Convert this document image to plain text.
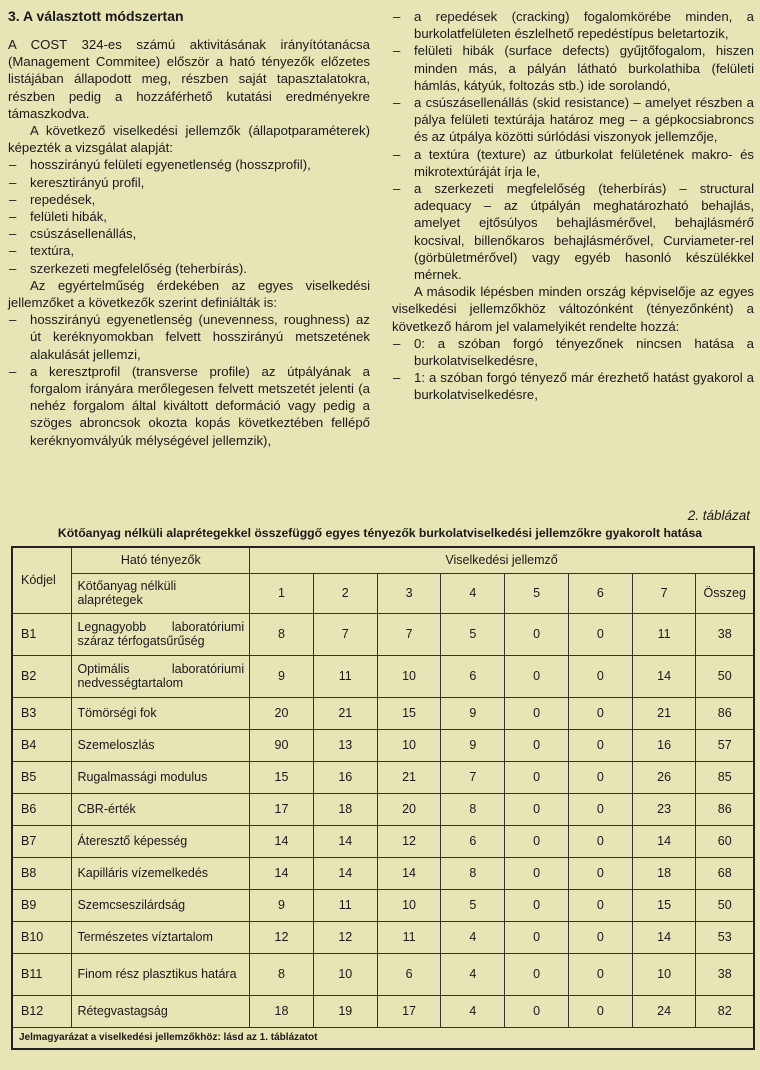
3. A választott módszertan

A COST 324-es számú aktivitásának irányítótanácsa (Management Commitee) először a ható tényezők előzetes listájában állapodott meg, részben saját tapasztalatokra, részben pedig a hozzáférhető kutatási eredményekre támaszkodva.

A következő viselkedési jellemzők (állapotparaméterek) képezték a vizsgálat alapját:

– hosszirányú felületi egyenetlenség (hosszprofil),
– keresztirányú profil,
– repedések,
– felületi hibák,
– csúszásellenállás,
– textúra,
– szerkezeti megfelelőség (teherbírás).

Az egyértelműség érdekében az egyes viselkedési jellemzőket a következők szerint definiálták is:

– hosszirányú egyenetlenség (unevenness, roughness) az út keréknyomokban felvett hosszirányú metszetének alakulását jellemzi,
– a keresztprofil (transverse profile) az útpályának a forgalom irányára merőlegesen felvett metszetét jelenti (a nehéz forgalom által kiváltott deformáció vagy pedig a szöges abroncsok okozta kopás következtében fellépő keréknyomvályúk mélységével jellemzik),
– a repedések (cracking) fogalomkörébe minden, a burkolatfelületen észlelhető repedéstípus beletartozik,
– felületi hibák (surface defects) gyűjtőfogalom, hiszen minden más, a pályán látható burkolathiba (felületi hámlás, kátyúk, foltozás stb.) ide sorolandó,
– a csúszásellenállás (skid resistance) – amelyet részben a pálya felületi textúrája határoz meg – a gépkocsiabroncs és az útpálya közötti súrlódási viszonyok jellemzője,
– a textúra (texture) az útburkolat felületének makro- és mikrotextúráját írja le,
– a szerkezeti megfelelőség (teherbírás) – structural adequacy – az útpályán meghatározható behajlás, amelyet ejtősúlyos behajlásmérővel, behajlásmérő kocsival, billenőkaros behajlásmérővel, Curviameter-rel (görbületmérővel) vagy egyéb hasonló készülékkel mérnek.

A második lépésben minden ország képviselője az egyes viselkedési jellemzőkhöz változónként (tényezőnként) a következő három jel valamelyikét rendelte hozzá:

– 0: a szóban forgó tényezőnek nincsen hatása a burkolatviselkedésre,
– 1: a szóban forgó tényező már érezhető hatást gyakorol a burkolatviselkedésre,
2. táblázat
Kötőanyag nélküli alaprétegekkel összefüggő egyes tényezők burkolatviselkedési jellemzőkre gyakorolt hatása
Kódjel	Ható tényezők	Viselkedési jellemző							
	Kötőanyag nélküli alaprétegek	1	2	3	4	5	6	7	Összeg
B1	Legnagyobb laboratóriumi száraz térfogatsűrűség	8	7	7	5	0	0	11	38
B2	Optimális laboratóriumi nedvességtartalom	9	11	10	6	0	0	14	50
B3	Tömörségi fok	20	21	15	9	0	0	21	86
B4	Szemeloszlás	90	13	10	9	0	0	16	57
B5	Rugalmassági modulus	15	16	21	7	0	0	26	85
B6	CBR-érték	17	18	20	8	0	0	23	86
B7	Áteresztő képesség	14	14	12	6	0	0	14	60
B8	Kapilláris vízemelkedés	14	14	14	8	0	0	18	68
B9	Szemcseszilárdság	9	11	10	5	0	0	15	50
B10	Természetes víztartalom	12	12	11	4	0	0	14	53
B11	Finom rész plasztikus határa	8	10	6	4	0	0	10	38
B12	Rétegvastagság	18	19	17	4	0	0	24	82
Jelmagyarázat a viselkedési jellemzőkhöz: lásd az 1. táblázatot									
